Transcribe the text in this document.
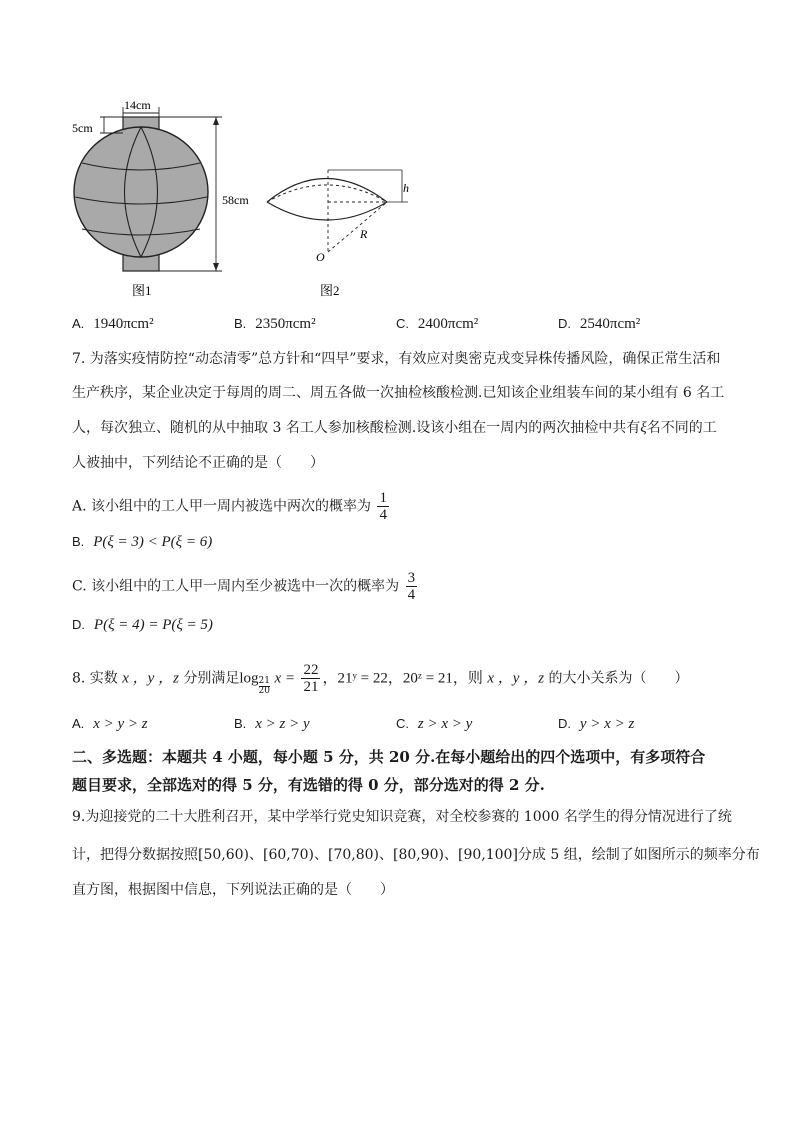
14cm
5cm
58cm
图1
h
R
O
图2
A. 1940πcm²	B. 2350πcm²	C. 2400πcm²	D. 2540πcm²
7. 为落实疫情防控“动态清零”总方针和“四早”要求，有效应对奥密克戎变异株传播风险，确保正常生活和
生产秩序，某企业决定于每周的周二、周五各做一次抽检核酸检测.已知该企业组装车间的某小组有 6 名工
人，每次独立、随机的从中抽取 3 名工人参加核酸检测.设该小组在一周内的两次抽检中共有ξ名不同的工
人被抽中，下列结论不正确的是（　　）
A. 该小组中的工人甲一周内被选中两次的概率为 $\frac{1}{4}$
B. P(ξ = 3) < P(ξ = 6)
C. 该小组中的工人甲一周内至少被选中一次的概率为 $\frac{3}{4}$
D. P(ξ = 4) = P(ξ = 5)
8. 实数 x ，y ，z 分别满足$\log \frac{21}{20}$ $x = \frac{22}{21}$ ，21ʸ = 22，20ᶻ = 21，则 x ，y ，z 的大小关系为（　　）
A. x > y > z	B. x > z > y	C. z > x > y	D. y > x > z
二、多选题：本题共 4 小题，每小题 5 分，共 20 分.在每小题给出的四个选项中，有多项符合
题目要求，全部选对的得 5 分，有选错的得 0 分，部分选对的得 2 分.
9.为迎接党的二十大胜利召开，某中学举行党史知识竞赛，对全校参赛的 1000 名学生的得分情况进行了统
计，把得分数据按照[50,60)、[60,70)、[70,80)、[80,90)、[90,100]分成 5 组，绘制了如图所示的频率分布
直方图，根据图中信息，下列说法正确的是（　　）
